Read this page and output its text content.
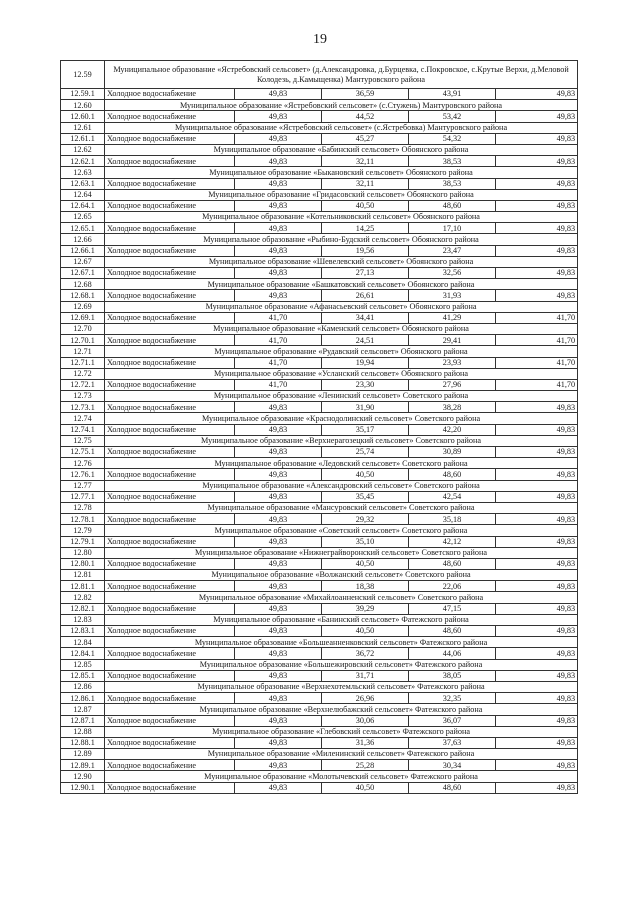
19
12.59	Муниципальное образование «Ястребовский сельсовет» (д.Александровка, д.Бурцевка, с.Покровское, с.Крутые Верхи, д.Меловой Колодезь, д.Камыщенка) Мантуровского района				
12.59.1	Холодное водоснабжение	49,83	36,59	43,91	49,83
12.60	Муниципальное образование «Ястребовский сельсовет» (с.Стужень) Мантуровского района				
12.60.1	Холодное водоснабжение	49,83	44,52	53,42	49,83
12.61	Муниципальное образование «Ястребовский сельсовет» (с.Ястребовка) Мантуровского района				
12.61.1	Холодное водоснабжение	49,83	45,27	54,32	49,83
12.62	Муниципальное образование «Бабинский сельсовет» Обоянского района				
12.62.1	Холодное водоснабжение	49,83	32,11	38,53	49,83
12.63	Муниципальное образование «Быкановский сельсовет» Обоянского района				
12.63.1	Холодное водоснабжение	49,83	32,11	38,53	49,83
12.64	Муниципальное образование «Гридасовский сельсовет» Обоянского района				
12.64.1	Холодное водоснабжение	49,83	40,50	48,60	49,83
12.65	Муниципальное образование «Котельниковский сельсовет» Обоянского района				
12.65.1	Холодное водоснабжение	49,83	14,25	17,10	49,83
12.66	Муниципальное образование «Рыбино-Будский сельсовет» Обоянского района				
12.66.1	Холодное водоснабжение	49,83	19,56	23,47	49,83
12.67	Муниципальное образование «Шевелевский сельсовет» Обоянского района				
12.67.1	Холодное водоснабжение	49,83	27,13	32,56	49,83
12.68	Муниципальное образование «Башкатовский сельсовет» Обоянского района				
12.68.1	Холодное водоснабжение	49,83	26,61	31,93	49,83
12.69	Муниципальное образование «Афанасьевский сельсовет» Обоянского района				
12.69.1	Холодное водоснабжение	41,70	34,41	41,29	41,70
12.70	Муниципальное образование «Каменский сельсовет» Обоянского района				
12.70.1	Холодное водоснабжение	41,70	24,51	29,41	41,70
12.71	Муниципальное образование «Рудавский сельсовет» Обоянского района				
12.71.1	Холодное водоснабжение	41,70	19,94	23,93	41,70
12.72	Муниципальное образование «Усланский сельсовет» Обоянского района				
12.72.1	Холодное водоснабжение	41,70	23,30	27,96	41,70
12.73	Муниципальное образование «Ленинский сельсовет» Советского района				
12.73.1	Холодное водоснабжение	49,83	31,90	38,28	49,83
12.74	Муниципальное образование «Краснодолинский сельсовет» Советского района				
12.74.1	Холодное водоснабжение	49,83	35,17	42,20	49,83
12.75	Муниципальное образование «Верхнерагозецкий сельсовет» Советского района				
12.75.1	Холодное водоснабжение	49,83	25,74	30,89	49,83
12.76	Муниципальное образование «Ледовский сельсовет» Советского района				
12.76.1	Холодное водоснабжение	49,83	40,50	48,60	49,83
12.77	Муниципальное образование «Александровский сельсовет» Советского района				
12.77.1	Холодное водоснабжение	49,83	35,45	42,54	49,83
12.78	Муниципальное образование «Мансуровский сельсовет» Советского района				
12.78.1	Холодное водоснабжение	49,83	29,32	35,18	49,83
12.79	Муниципальное образование «Советский сельсовет» Советского района				
12.79.1	Холодное водоснабжение	49,83	35,10	42,12	49,83
12.80	Муниципальное образование «Нижнеграйворонский сельсовет» Советского района				
12.80.1	Холодное водоснабжение	49,83	40,50	48,60	49,83
12.81	Муниципальное образование «Волжанский сельсовет» Советского района				
12.81.1	Холодное водоснабжение	49,83	18,38	22,06	49,83
12.82	Муниципальное образование «Михайлоанненский сельсовет» Советского района				
12.82.1	Холодное водоснабжение	49,83	39,29	47,15	49,83
12.83	Муниципальное образование «Банинский сельсовет» Фатежского района				
12.83.1	Холодное водоснабжение	49,83	40,50	48,60	49,83
12.84	Муниципальное образование «Большеанненковский сельсовет» Фатежского района				
12.84.1	Холодное водоснабжение	49,83	36,72	44,06	49,83
12.85	Муниципальное образование «Большежировский сельсовет» Фатежского района				
12.85.1	Холодное водоснабжение	49,83	31,71	38,05	49,83
12.86	Муниципальное образование «Верхнехотемльский сельсовет» Фатежского района				
12.86.1	Холодное водоснабжение	49,83	26,96	32,35	49,83
12.87	Муниципальное образование «Верхнелюбажский сельсовет» Фатежского района				
12.87.1	Холодное водоснабжение	49,83	30,06	36,07	49,83
12.88	Муниципальное образование «Глебовский сельсовет» Фатежского района				
12.88.1	Холодное водоснабжение	49,83	31,36	37,63	49,83
12.89	Муниципальное образование «Миленинский сельсовет» Фатежского района				
12.89.1	Холодное водоснабжение	49,83	25,28	30,34	49,83
12.90	Муниципальное образование «Молотычевский сельсовет» Фатежского района				
12.90.1	Холодное водоснабжение	49,83	40,50	48,60	49,83
